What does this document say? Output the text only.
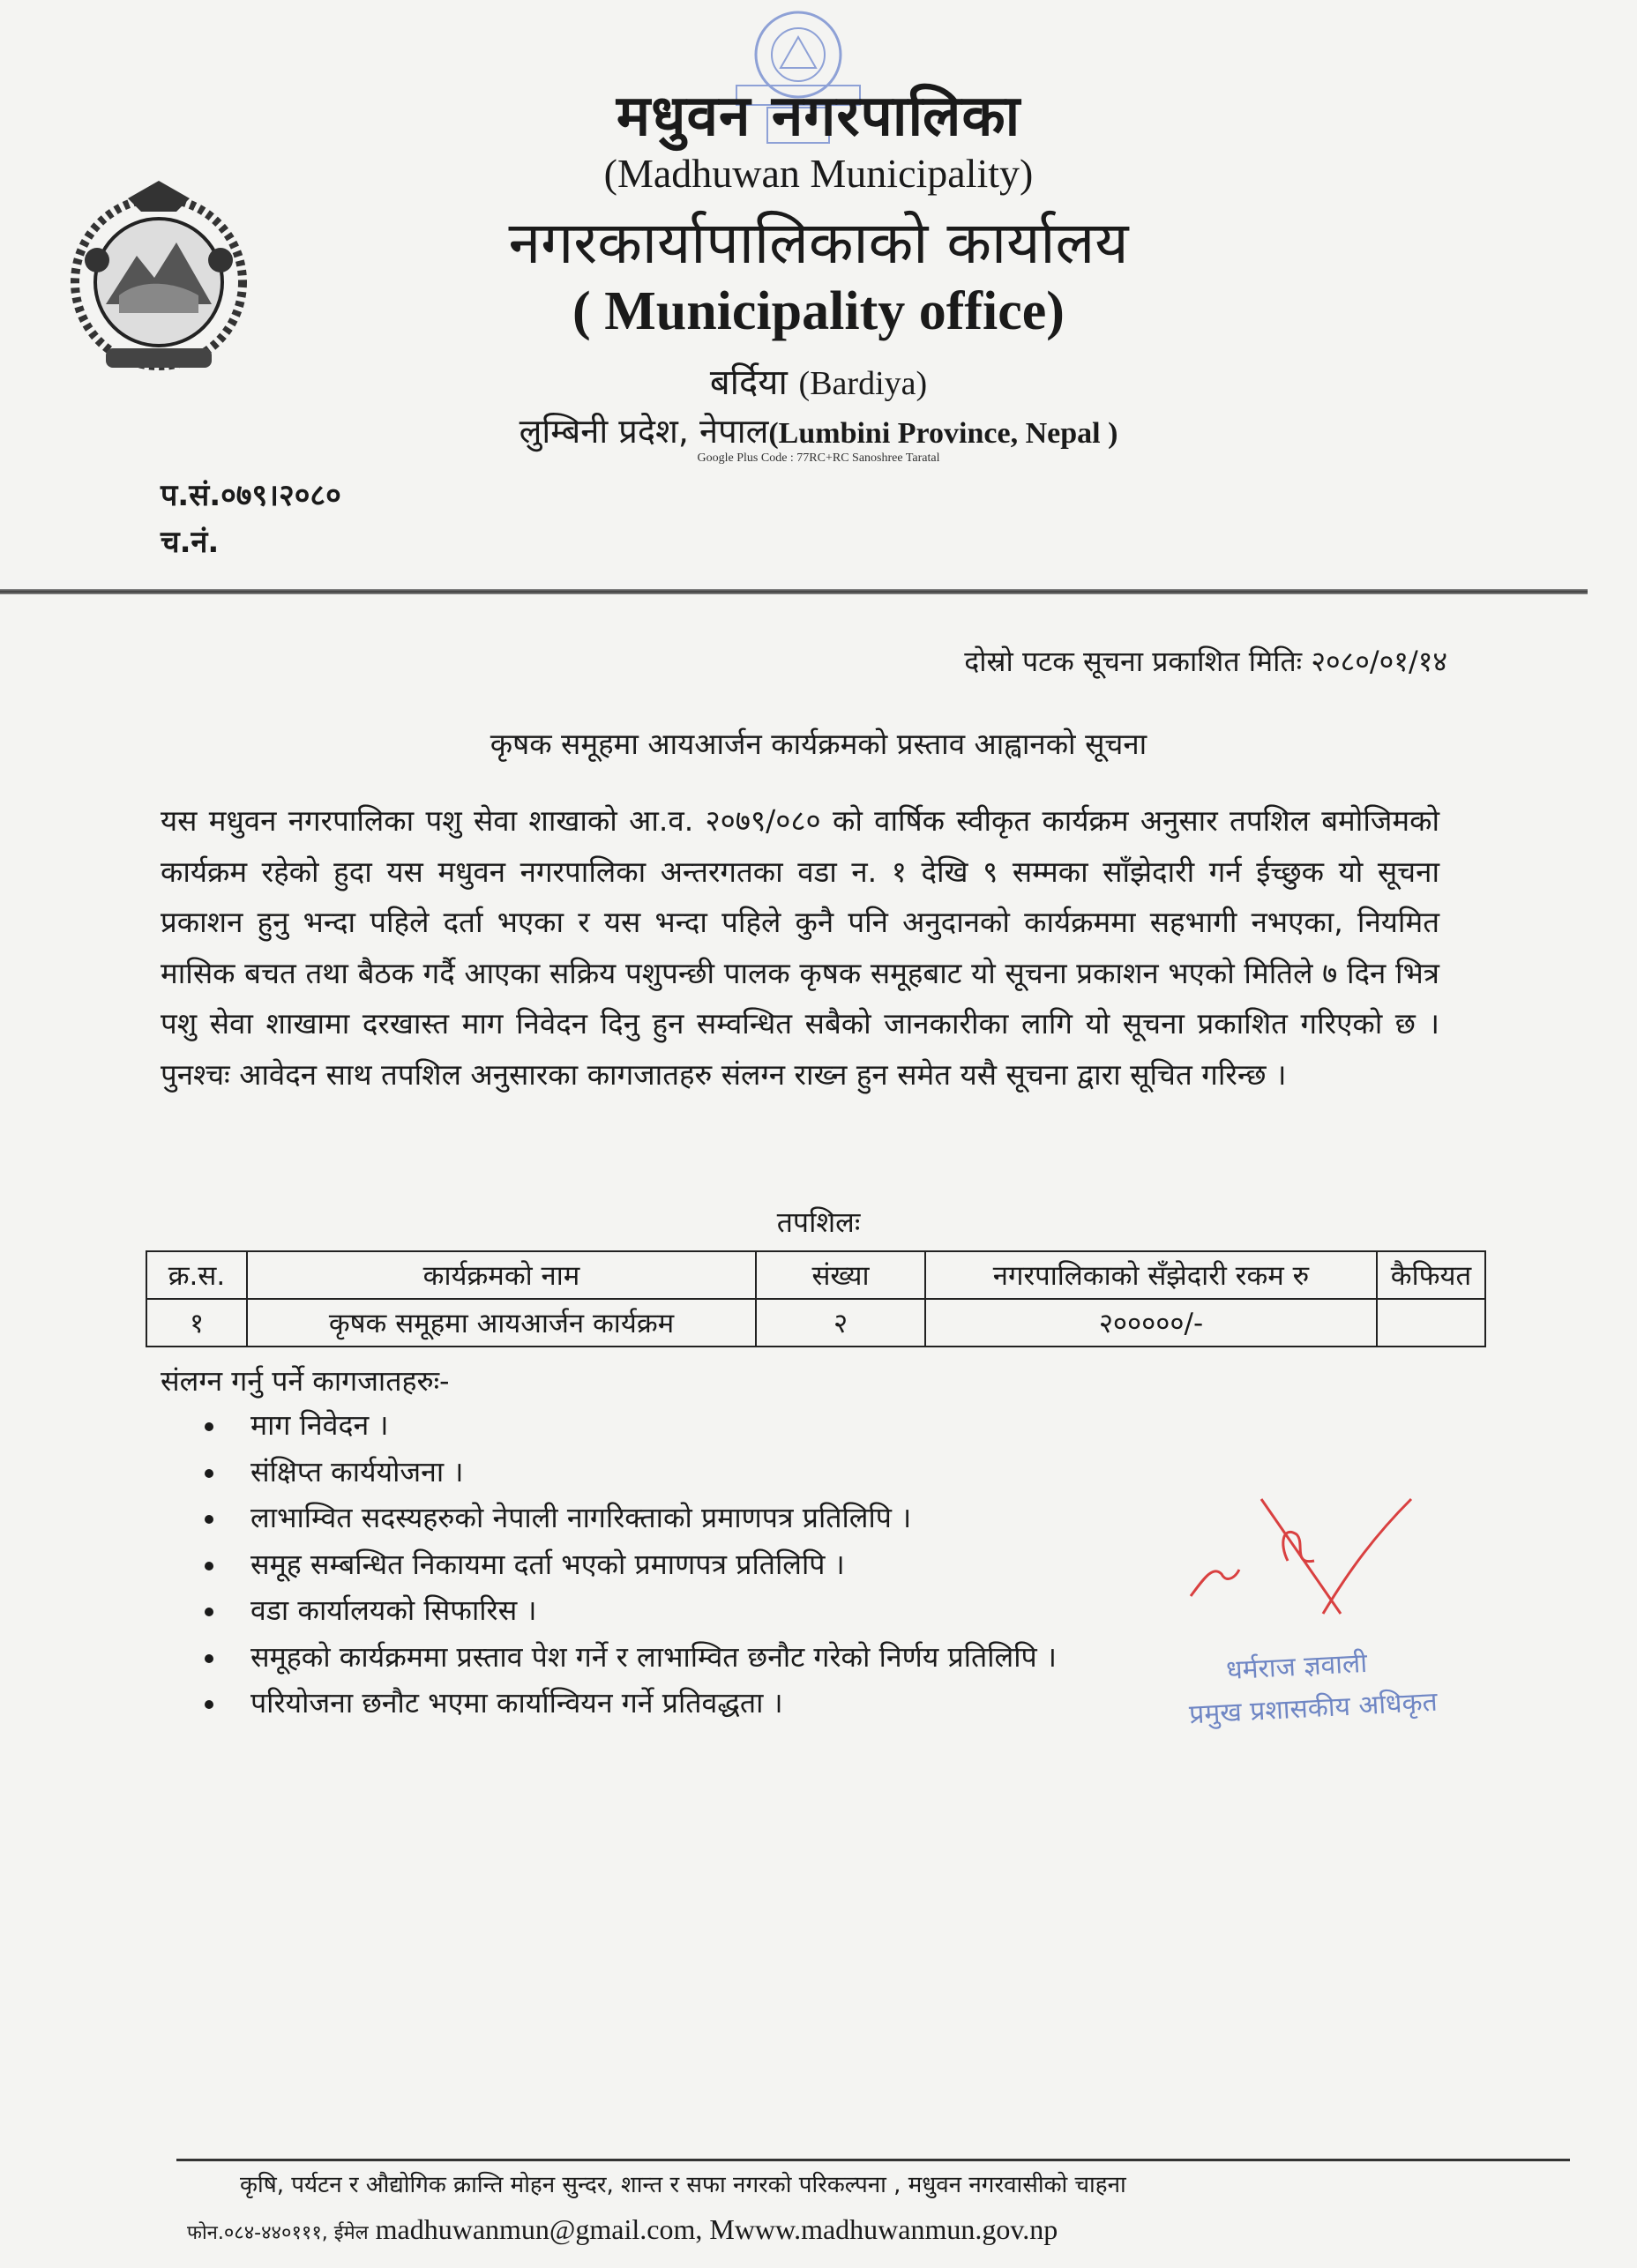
मधुवन नगरपालिका
(Madhuwan Municipality)
नगरकार्यापालिकाको कार्यालय
( Municipality office)
बर्दिया (Bardiya)
लुम्बिनी प्रदेश, नेपाल(Lumbini Province, Nepal )
Google Plus Code : 77RC+RC Sanoshree Taratal
प.सं.०७९।२०८०
च.नं.
दोस्रो पटक सूचना प्रकाशित मितिः २०८०/०१/१४
कृषक समूहमा आयआर्जन कार्यक्रमको प्रस्ताव आह्वानको सूचना
यस मधुवन नगरपालिका पशु सेवा शाखाको आ.व. २०७९/०८० को वार्षिक स्वीकृत कार्यक्रम अनुसार तपशिल बमोजिमको कार्यक्रम रहेको हुदा यस मधुवन नगरपालिका अन्तरगतका वडा न. १ देखि ९ सम्मका साँझेदारी गर्न ईच्छुक यो सूचना प्रकाशन हुनु भन्दा पहिले दर्ता भएका र यस भन्दा पहिले कुनै पनि अनुदानको कार्यक्रममा सहभागी नभएका, नियमित मासिक बचत तथा बैठक गर्दै आएका सक्रिय पशुपन्छी पालक कृषक समूहबाट यो सूचना प्रकाशन भएको मितिले ७ दिन भित्र पशु सेवा शाखामा दरखास्त माग निवेदन दिनु हुन सम्वन्धित सबैको जानकारीका लागि यो सूचना प्रकाशित गरिएको छ । पुनश्चः आवेदन साथ तपशिल अनुसारका कागजातहरु संलग्न राख्न हुन समेत यसै सूचना द्वारा सूचित गरिन्छ ।
तपशिलः
क्र.स.	कार्यक्रमको नाम	संख्या	नगरपालिकाको सँझेदारी रकम रु	कैफियत
१	कृषक समूहमा आयआर्जन कार्यक्रम	२	२०००००/-	
संलग्न गर्नु पर्ने कागजातहरुः-
माग निवेदन ।
संक्षिप्त कार्ययोजना ।
लाभाम्वित सदस्यहरुको नेपाली नागरिक्ताको प्रमाणपत्र प्रतिलिपि ।
समूह सम्बन्धित निकायमा दर्ता भएको प्रमाणपत्र प्रतिलिपि ।
वडा कार्यालयको सिफारिस ।
समूहको कार्यक्रममा प्रस्ताव पेश गर्ने र लाभाम्वित छनौट गरेको निर्णय प्रतिलिपि ।
परियोजना छनौट भएमा कार्यान्वियन गर्ने प्रतिवद्धता ।
धर्मराज ज्ञवाली
प्रमुख प्रशासकीय अधिकृत
कृषि, पर्यटन र औद्योगिक क्रान्ति मोहन सुन्दर, शान्त र सफा नगरको परिकल्पना , मधुवन नगरवासीको चाहना
फोन.०८४-४४०१११, ईमेल madhuwanmun@gmail.com, Mwww.madhuwanmun.gov.np
